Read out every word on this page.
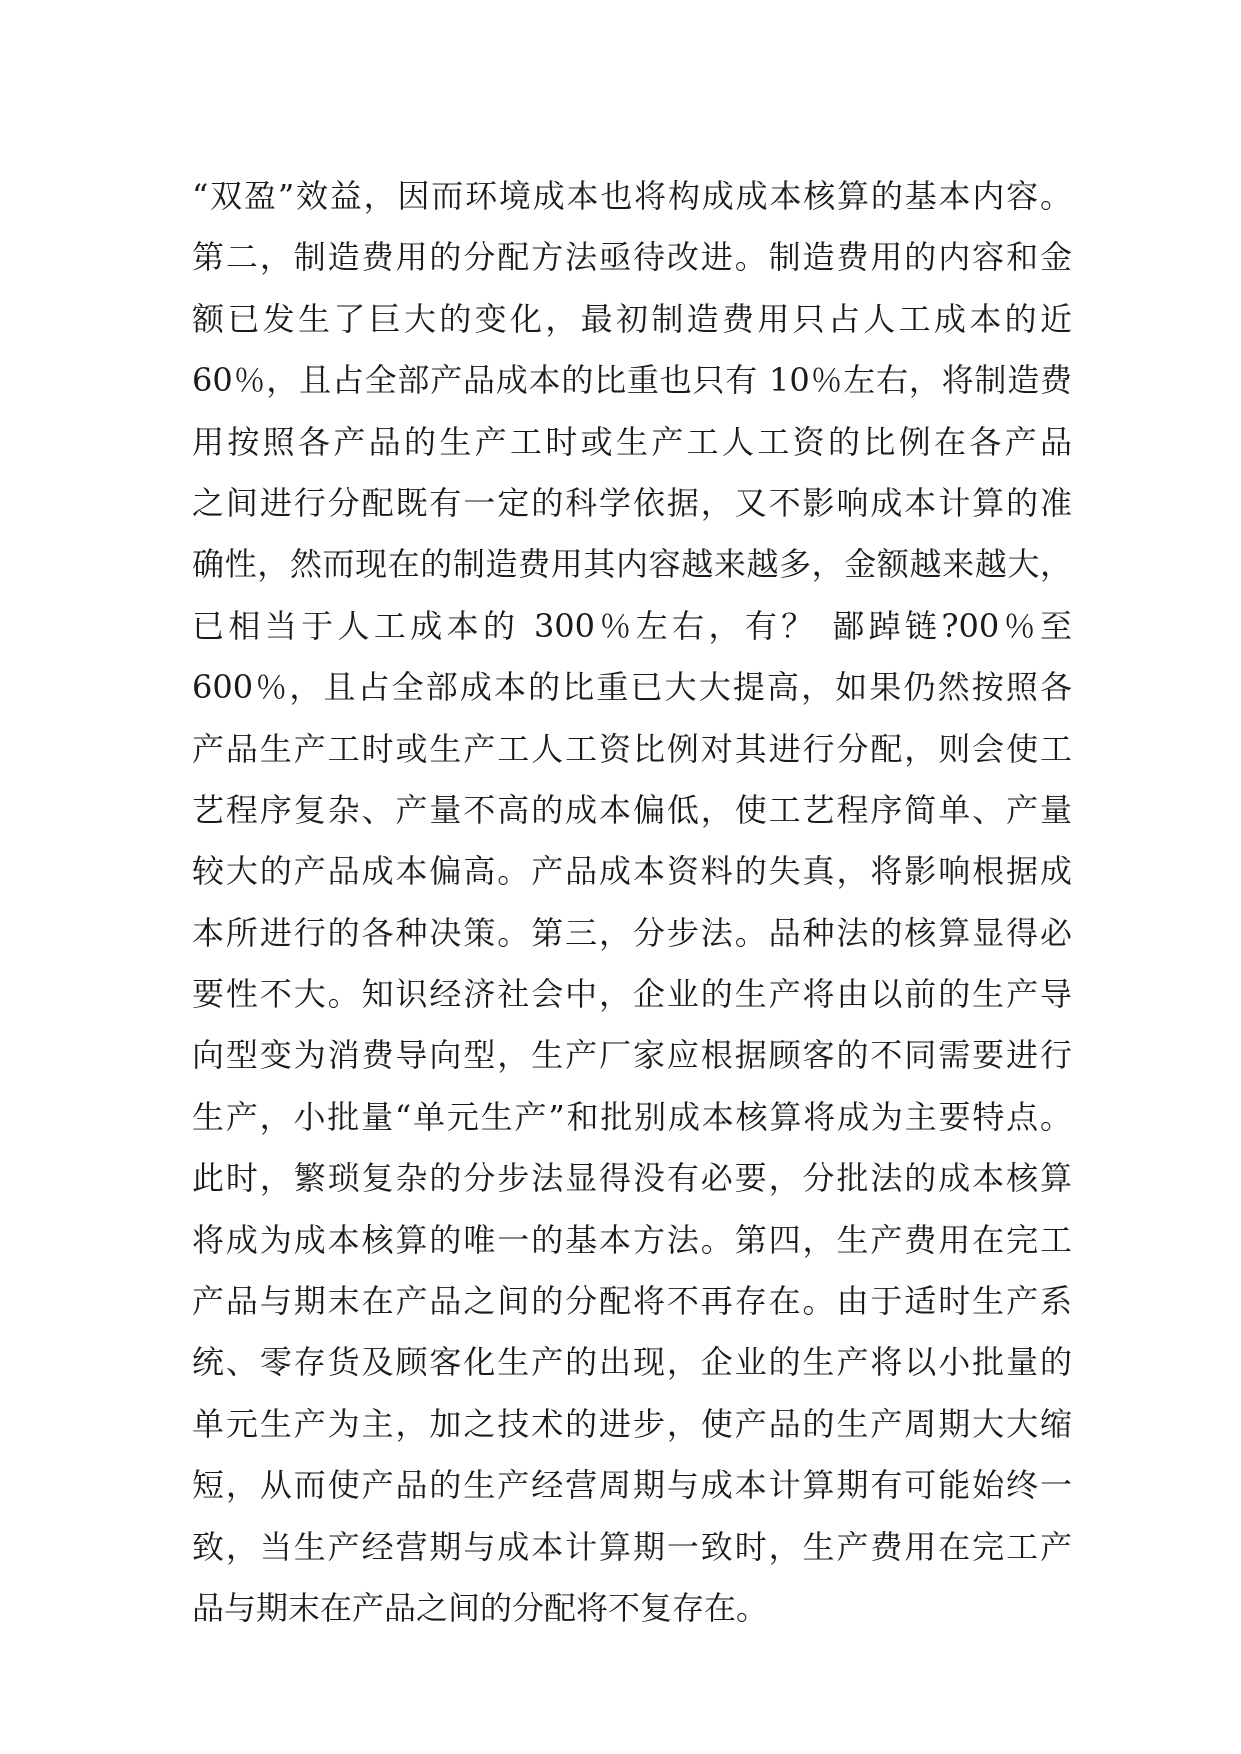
“双盈”效益，因而环境成本也将构成成本核算的基本内容。
第二，制造费用的分配方法亟待改进。制造费用的内容和金
额已发生了巨大的变化，最初制造费用只占人工成本的近
60％，且占全部产品成本的比重也只有 10％左右，将制造费
用按照各产品的生产工时或生产工人工资的比例在各产品
之间进行分配既有一定的科学依据，又不影响成本计算的准
确性，然而现在的制造费用其内容越来越多，金额越来越大，
已相当于人工成本的 300％左右，有？ 鄙踔链?00％至
600％，且占全部成本的比重已大大提高，如果仍然按照各
产品生产工时或生产工人工资比例对其进行分配，则会使工
艺程序复杂、产量不高的成本偏低，使工艺程序简单、产量
较大的产品成本偏高。产品成本资料的失真，将影响根据成
本所进行的各种决策。第三，分步法。品种法的核算显得必
要性不大。知识经济社会中，企业的生产将由以前的生产导
向型变为消费导向型，生产厂家应根据顾客的不同需要进行
生产，小批量“单元生产”和批别成本核算将成为主要特点。
此时，繁琐复杂的分步法显得没有必要，分批法的成本核算
将成为成本核算的唯一的基本方法。第四，生产费用在完工
产品与期末在产品之间的分配将不再存在。由于适时生产系
统、零存货及顾客化生产的出现，企业的生产将以小批量的
单元生产为主，加之技术的进步，使产品的生产周期大大缩
短，从而使产品的生产经营周期与成本计算期有可能始终一
致，当生产经营期与成本计算期一致时，生产费用在完工产
品与期末在产品之间的分配将不复存在。
